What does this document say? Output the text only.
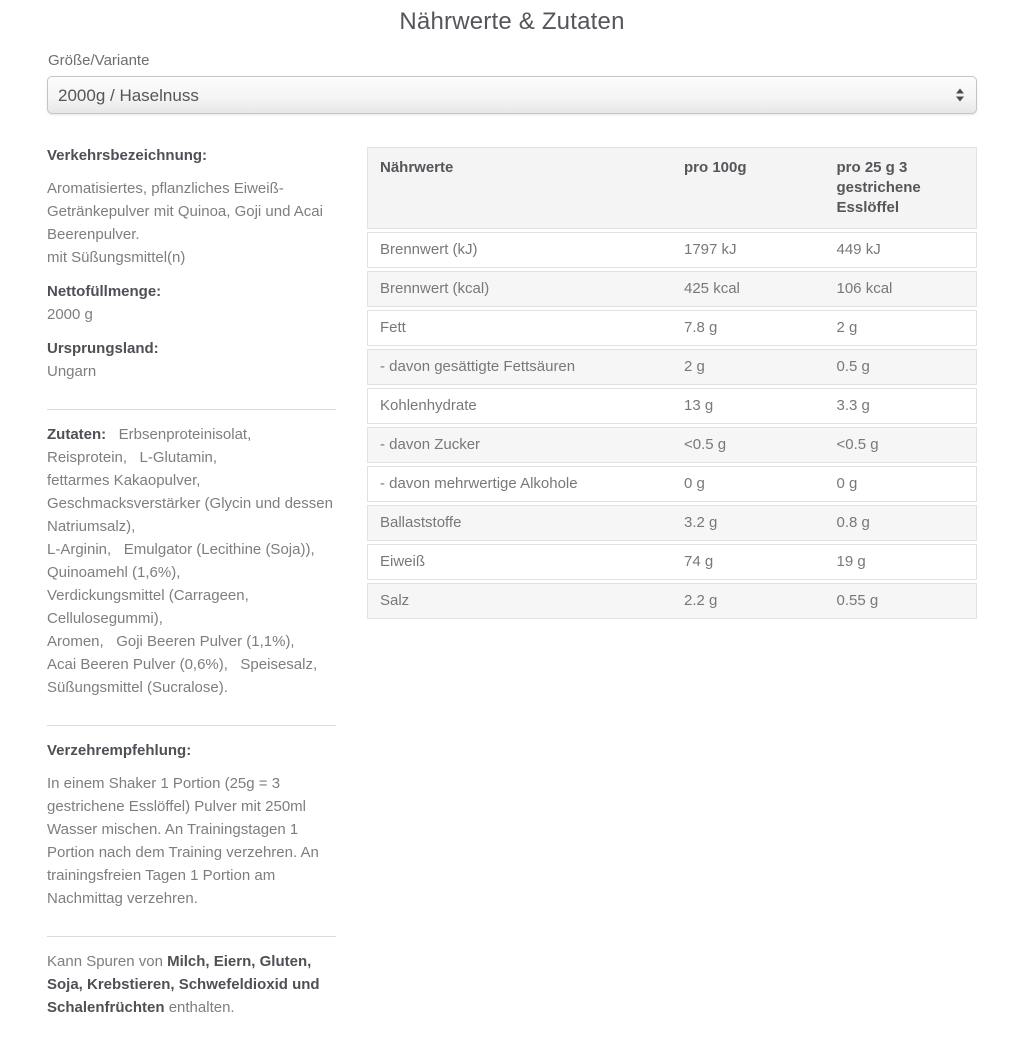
Nährwerte & Zutaten
Größe/Variante
2000g / Haselnuss
Verkehrsbezeichnung:
Aromatisiertes, pflanzliches Eiweiß-Getränkepulver mit Quinoa, Goji und Acai Beerenpulver.
mit Süßungsmittel(n)
Nettofüllmenge:
2000 g
Ursprungsland:
Ungarn
Zutaten:   Erbsenproteinisolat,
Reisprotein,   L-Glutamin,
fettarmes Kakaopulver,
Geschmacksverstärker (Glycin und dessen Natriumsalz),
L-Arginin,   Emulgator (Lecithine (Soja)),
Quinoamehl (1,6%),
Verdickungsmittel (Carrageen, Cellulosegummi),
Aromen,   Goji Beeren Pulver (1,1%),
Acai Beeren Pulver (0,6%),   Speisesalz,
Süßungsmittel (Sucralose).
Verzehrempfehlung:
In einem Shaker 1 Portion (25g = 3 gestrichene Esslöffel) Pulver mit 250ml Wasser mischen. An Trainingstagen 1 Portion nach dem Training verzehren. An trainingsfreien Tagen 1 Portion am Nachmittag verzehren.
Kann Spuren von Milch, Eiern, Gluten, Soja, Krebstieren, Schwefeldioxid und Schalenfrüchten enthalten.
Nährwerte	pro 100g	pro 25 g 3 gestrichene Esslöffel
Brennwert (kJ)	1797 kJ	449 kJ
Brennwert (kcal)	425 kcal	106 kcal
Fett	7.8 g	2 g
- davon gesättigte Fettsäuren	2 g	0.5 g
Kohlenhydrate	13 g	3.3 g
- davon Zucker	<0.5 g	<0.5 g
- davon mehrwertige Alkohole	0 g	0 g
Ballaststoffe	3.2 g	0.8 g
Eiweiß	74 g	19 g
Salz	2.2 g	0.55 g
